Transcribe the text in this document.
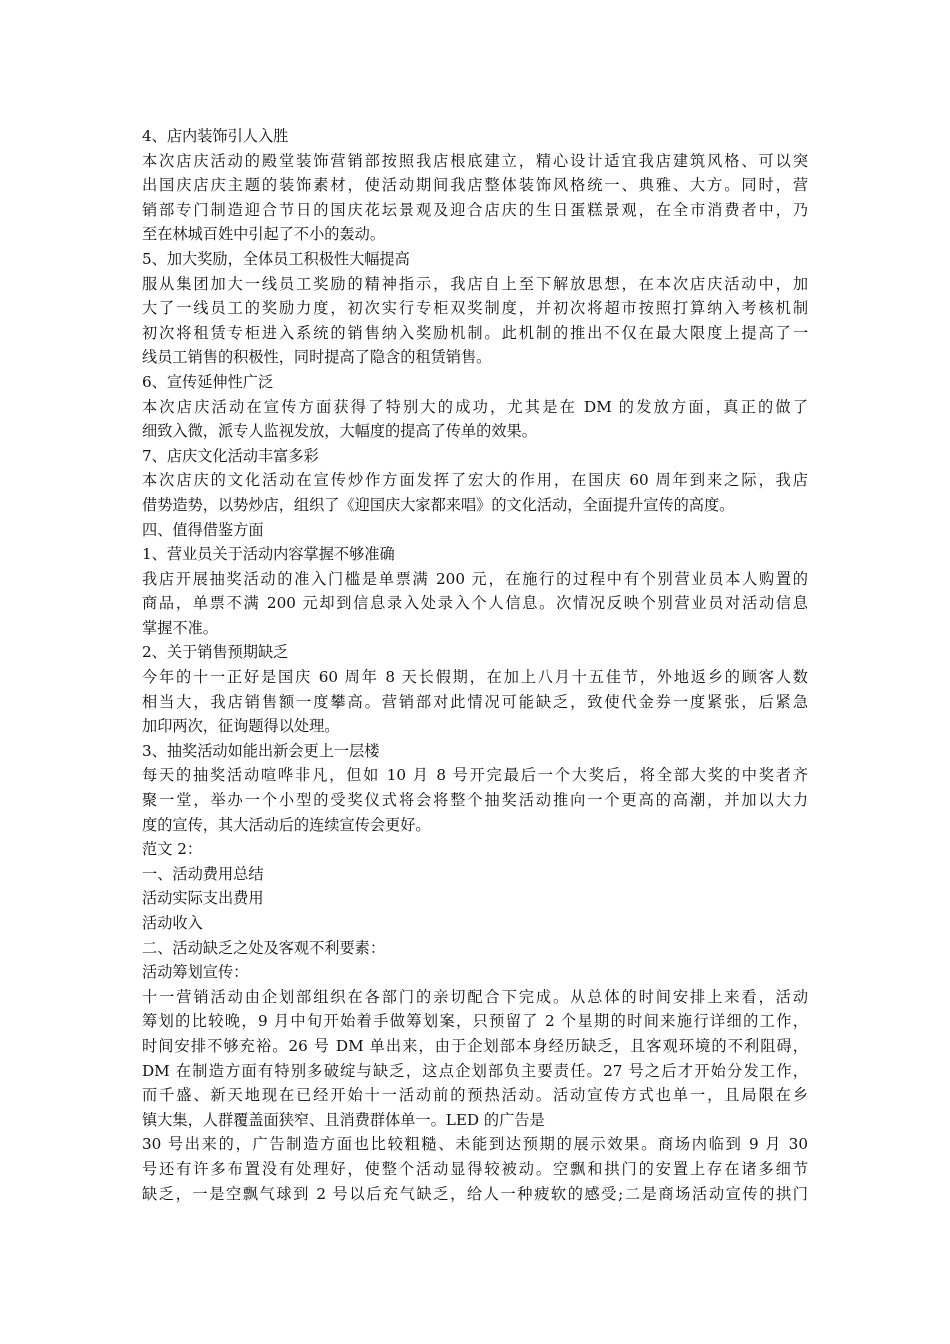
4、店内装饰引人入胜
本次店庆活动的殿堂装饰营销部按照我店根底建立，精心设计适宜我店建筑风格、可以突
出国庆店庆主题的装饰素材，使活动期间我店整体装饰风格统一、典雅、大方。同时，营
销部专门制造迎合节日的国庆花坛景观及迎合店庆的生日蛋糕景观，在全市消费者中，乃
至在林城百姓中引起了不小的轰动。
5、加大奖励，全体员工积极性大幅提高
服从集团加大一线员工奖励的精神指示，我店自上至下解放思想，在本次店庆活动中，加
大了一线员工的奖励力度，初次实行专柜双奖制度，并初次将超市按照打算纳入考核机制
初次将租赁专柜进入系统的销售纳入奖励机制。此机制的推出不仅在最大限度上提高了一
线员工销售的积极性，同时提高了隐含的租赁销售。
6、宣传延伸性广泛
本次店庆活动在宣传方面获得了特别大的成功，尤其是在 DM 的发放方面，真正的做了
细致入微，派专人监视发放，大幅度的提高了传单的效果。
7、店庆文化活动丰富多彩
本次店庆的文化活动在宣传炒作方面发挥了宏大的作用，在国庆 60 周年到来之际，我店
借势造势，以势炒店，组织了《迎国庆大家都来唱》的文化活动，全面提升宣传的高度。
四、值得借鉴方面
1、营业员关于活动内容掌握不够准确
我店开展抽奖活动的准入门槛是单票满 200 元，在施行的过程中有个别营业员本人购置的
商品，单票不满 200 元却到信息录入处录入个人信息。次情况反映个别营业员对活动信息
掌握不准。
2、关于销售预期缺乏
今年的十一正好是国庆 60 周年 8 天长假期，在加上八月十五佳节，外地返乡的顾客人数
相当大，我店销售额一度攀高。营销部对此情况可能缺乏，致使代金券一度紧张，后紧急
加印两次，征询题得以处理。
3、抽奖活动如能出新会更上一层楼
每天的抽奖活动喧哗非凡，但如 10 月 8 号开完最后一个大奖后，将全部大奖的中奖者齐
聚一堂，举办一个小型的受奖仪式将会将整个抽奖活动推向一个更高的高潮，并加以大力
度的宣传，其大活动后的连续宣传会更好。
范文 2：
一、活动费用总结
活动实际支出费用
活动收入
二、活动缺乏之处及客观不利要素：
活动筹划宣传：
十一营销活动由企划部组织在各部门的亲切配合下完成。从总体的时间安排上来看，活动
筹划的比较晚，9 月中旬开始着手做筹划案，只预留了 2 个星期的时间来施行详细的工作，
时间安排不够充裕。26 号 DM 单出来，由于企划部本身经历缺乏，且客观环境的不利阻碍，
DM 在制造方面有特别多破绽与缺乏，这点企划部负主要责任。27 号之后才开始分发工作，
而千盛、新天地现在已经开始十一活动前的预热活动。活动宣传方式也单一，且局限在乡
镇大集，人群覆盖面狭窄、且消费群体单一。LED 的广告是
30 号出来的，广告制造方面也比较粗糙、未能到达预期的展示效果。商场内临到 9 月 30
号还有许多布置没有处理好，使整个活动显得较被动。空飘和拱门的安置上存在诸多细节
缺乏，一是空飘气球到 2 号以后充气缺乏，给人一种疲软的感受;二是商场活动宣传的拱门
